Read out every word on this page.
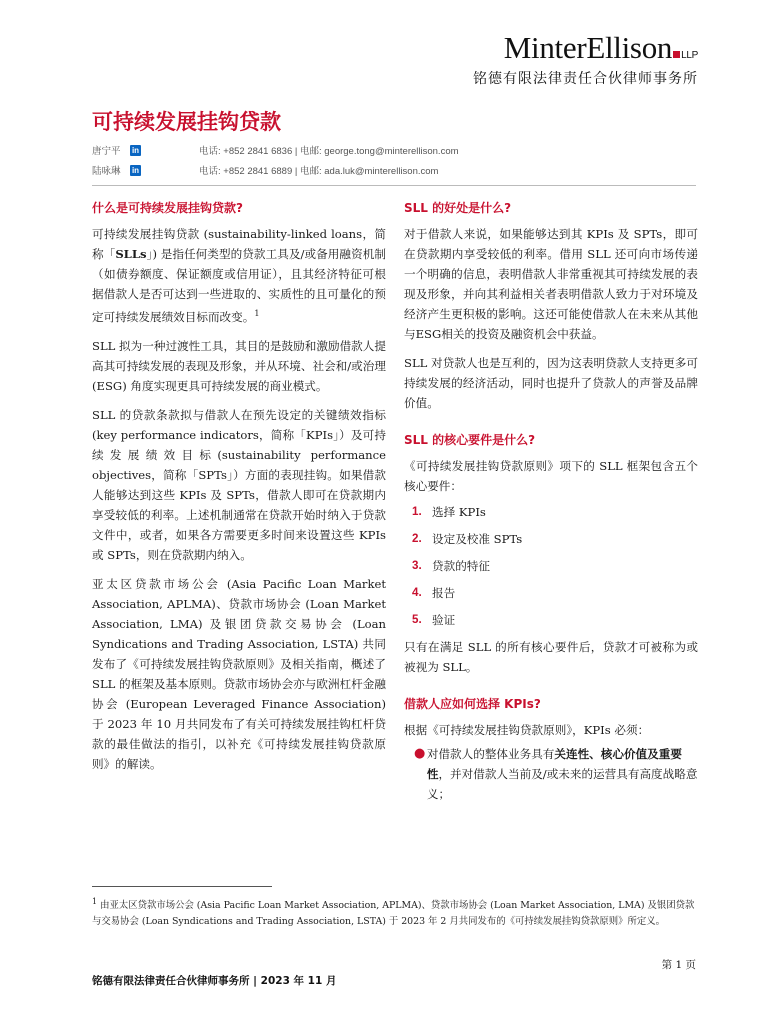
MinterEllison LLP
铭德有限法律责任合伙律师事务所
可持续发展挂钩贷款
唐宁平	in	电话: +852 2841 6836 | 电邮: george.tong@minterellison.com
陆咏琳	in	电话: +852 2841 6889 | 电邮: ada.luk@minterellison.com
什么是可持续发展挂钩贷款?
可持续发展挂钩贷款 (sustainability-linked loans，简称「SLLs」) 是指任何类型的贷款工具及/或备用融资机制（如债券额度、保证额度或信用证），且其经济特征可根据借款人是否可达到一些进取的、实质性的且可量化的预定可持续发展绩效目标而改变。$^1$
SLL 拟为一种过渡性工具，其目的是鼓励和激励借款人提高其可持续发展的表现及形象，并从环境、社会和/或治理(ESG) 角度实现更具可持续发展的商业模式。
SLL 的贷款条款拟与借款人在预先设定的关键绩效指标 (key performance indicators，简称「KPIs」）及可持续发展绩效目标(sustainability performance objectives，简称「SPTs」）方面的表现挂钩。如果借款人能够达到这些 KPIs 及 SPTs，借款人即可在贷款期内享受较低的利率。上述机制通常在贷款开始时纳入于贷款文件中，或者，如果各方需要更多时间来设置这些 KPIs 或 SPTs，则在贷款期内纳入。
亚太区贷款市场公会 (Asia Pacific Loan Market Association, APLMA)、贷款市场协会 (Loan Market Association, LMA) 及银团贷款交易协会 (Loan Syndications and Trading Association, LSTA) 共同发布了《可持续发展挂钩贷款原则》及相关指南，概述了 SLL 的框架及基本原则。贷款市场协会亦与欧洲杠杆金融协会 (European Leveraged Finance Association) 于 2023 年 10 月共同发布了有关可持续发展挂钩杠杆贷款的最佳做法的指引，以补充《可持续发展挂钩贷款原则》的解读。
SLL 的好处是什么?
对于借款人来说，如果能够达到其 KPIs 及 SPTs，即可在贷款期内享受较低的利率。借用 SLL 还可向市场传递一个明确的信息，表明借款人非常重视其可持续发展的表现及形象，并向其利益相关者表明借款人致力于对环境及经济产生更积极的影响。这还可能使借款人在未来从其他与ESG相关的投资及融资机会中获益。
SLL 对贷款人也是互利的，因为这表明贷款人支持更多可持续发展的经济活动，同时也提升了贷款人的声誉及品牌价值。
SLL 的核心要件是什么?
《可持续发展挂钩贷款原则》项下的 SLL 框架包含五个核心要件：
1. 选择 KPIs
2. 设定及校准 SPTs
3. 贷款的特征
4. 报告
5. 验证
只有在满足 SLL 的所有核心要件后，贷款才可被称为或被视为 SLL。
借款人应如何选择 KPIs?
根据《可持续发展挂钩贷款原则》，KPIs 必须：
● 对借款人的整体业务具有关连性、核心价值及重要性，并对借款人当前及/或未来的运营具有高度战略意义；
$^1$ 由亚太区贷款市场公会 (Asia Pacific Loan Market Association, APLMA)、贷款市场协会 (Loan Market Association, LMA) 及银团贷款与交易协会 (Loan Syndications and Trading Association, LSTA) 于 2023 年 2 月共同发布的《可持续发展挂钩贷款原则》所定义。
铭德有限法律责任合伙律师事务所 | 2023 年 11 月
第 1 页
